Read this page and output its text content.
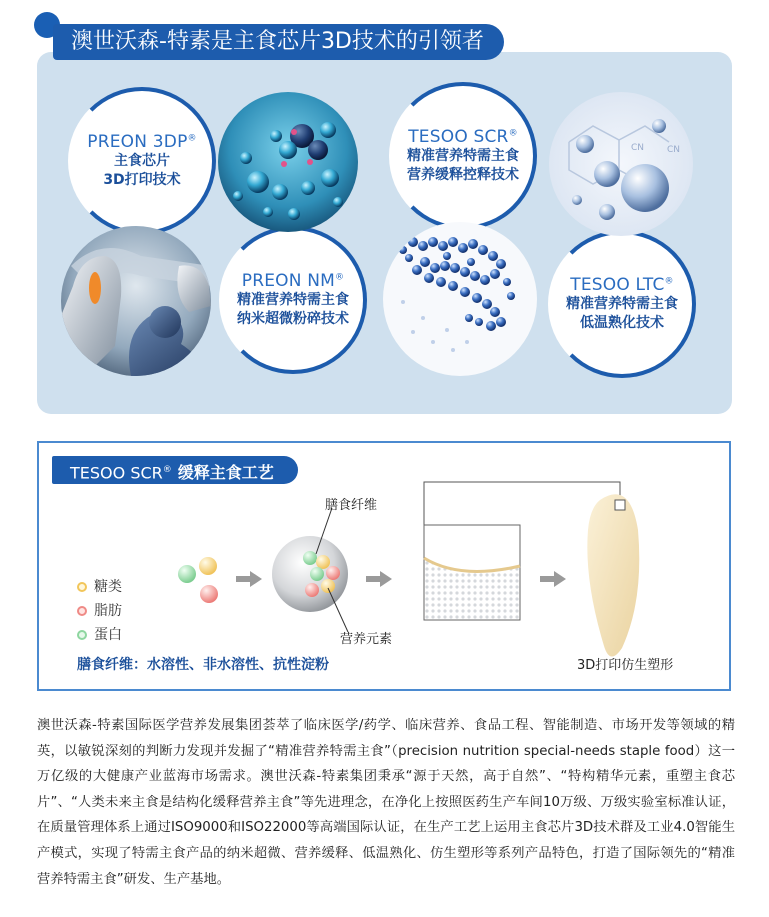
澳世沃森-特素是主食芯片3D技术的引领者
PREON 3DP®
主食芯片
3D打印技术
TESOO SCR®
精准营养特需主食
营养缓释控释技术
PREON NM®
精准营养特需主食
纳米超微粉碎技术
TESOO LTC®
精准营养特需主食
低温熟化技术
CN	CN
TESOO SCR® 缓释主食工艺
糖类
脂肪
蛋白
膳食纤维：水溶性、非水溶性、抗性淀粉
膳食纤维
营养元素
3D打印仿生塑形
澳世沃森-特素国际医学营养发展集团荟萃了临床医学/药学、临床营养、食品工程、智能制造、市场开发等领域的精英，以敏锐深刻的判断力发现并发掘了“精准营养特需主食”（precision nutrition special-needs staple food）这一万亿级的大健康产业蓝海市场需求。澳世沃森-特素集团秉承“源于天然，高于自然”、“特构精华元素，重塑主食芯片”、“人类未来主食是结构化缓释营养主食”等先进理念，在净化上按照医药生产车间10万级、万级实验室标准认证，在质量管理体系上通过ISO9000和ISO22000等高端国际认证，在生产工艺上运用主食芯片3D技术群及工业4.0智能生产模式，实现了特需主食产品的纳米超微、营养缓释、低温熟化、仿生塑形等系列产品特色，打造了国际领先的“精准营养特需主食”研发、生产基地。
